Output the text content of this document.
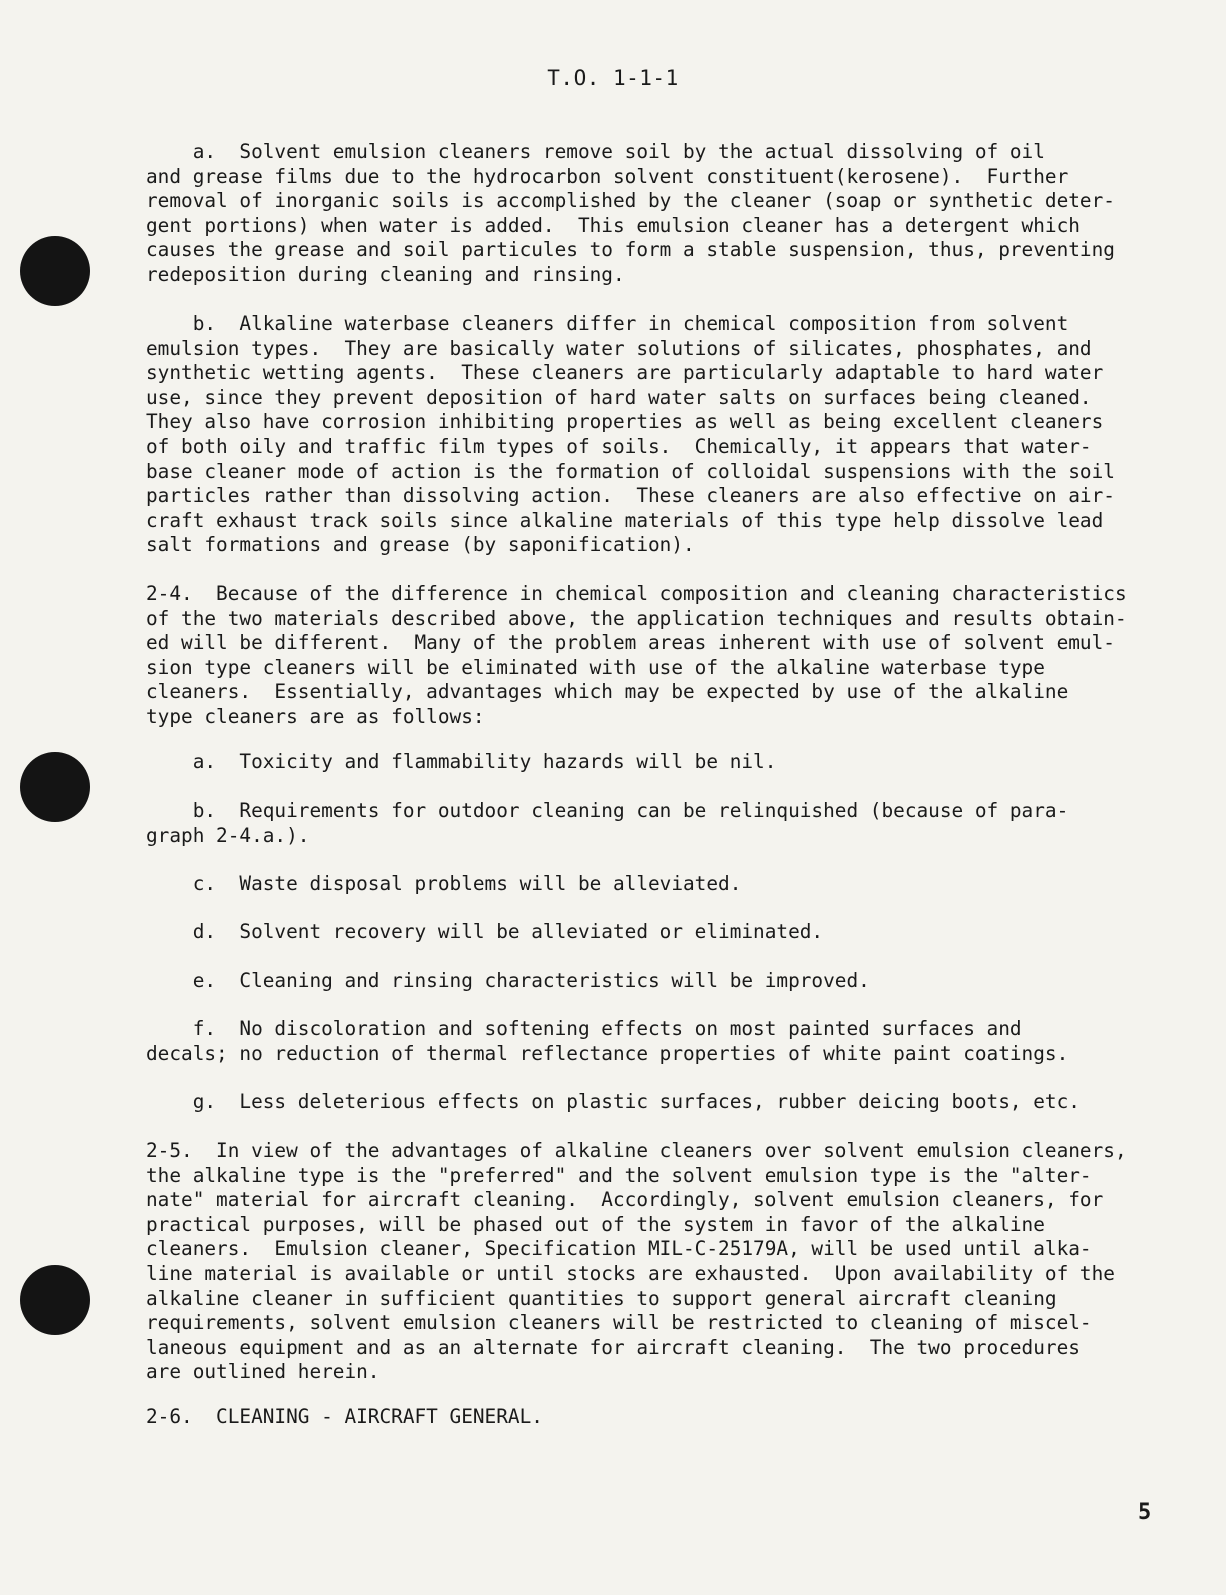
T.O. 1-1-1
a.  Solvent emulsion cleaners remove soil by the actual dissolving of oil
and grease films due to the hydrocarbon solvent constituent(kerosene).  Further
removal of inorganic soils is accomplished by the cleaner (soap or synthetic deter-
gent portions) when water is added.  This emulsion cleaner has a detergent which
causes the grease and soil particules to form a stable suspension, thus, preventing
redeposition during cleaning and rinsing.
b.  Alkaline waterbase cleaners differ in chemical composition from solvent
emulsion types.  They are basically water solutions of silicates, phosphates, and
synthetic wetting agents.  These cleaners are particularly adaptable to hard water
use, since they prevent deposition of hard water salts on surfaces being cleaned.
They also have corrosion inhibiting properties as well as being excellent cleaners
of both oily and traffic film types of soils.  Chemically, it appears that water-
base cleaner mode of action is the formation of colloidal suspensions with the soil
particles rather than dissolving action.  These cleaners are also effective on air-
craft exhaust track soils since alkaline materials of this type help dissolve lead
salt formations and grease (by saponification).
2-4.  Because of the difference in chemical composition and cleaning characteristics
of the two materials described above, the application techniques and results obtain-
ed will be different.  Many of the problem areas inherent with use of solvent emul-
sion type cleaners will be eliminated with use of the alkaline waterbase type
cleaners.  Essentially, advantages which may be expected by use of the alkaline
type cleaners are as follows:
a.  Toxicity and flammability hazards will be nil.
b.  Requirements for outdoor cleaning can be relinquished (because of para-
graph 2-4.a.).
c.  Waste disposal problems will be alleviated.
d.  Solvent recovery will be alleviated or eliminated.
e.  Cleaning and rinsing characteristics will be improved.
f.  No discoloration and softening effects on most painted surfaces and
decals; no reduction of thermal reflectance properties of white paint coatings.
g.  Less deleterious effects on plastic surfaces, rubber deicing boots, etc.
2-5.  In view of the advantages of alkaline cleaners over solvent emulsion cleaners,
the alkaline type is the "preferred" and the solvent emulsion type is the "alter-
nate" material for aircraft cleaning.  Accordingly, solvent emulsion cleaners, for
practical purposes, will be phased out of the system in favor of the alkaline
cleaners.  Emulsion cleaner, Specification MIL-C-25179A, will be used until alka-
line material is available or until stocks are exhausted.  Upon availability of the
alkaline cleaner in sufficient quantities to support general aircraft cleaning
requirements, solvent emulsion cleaners will be restricted to cleaning of miscel-
laneous equipment and as an alternate for aircraft cleaning.  The two procedures
are outlined herein.
2-6.  CLEANING - AIRCRAFT GENERAL.
5
